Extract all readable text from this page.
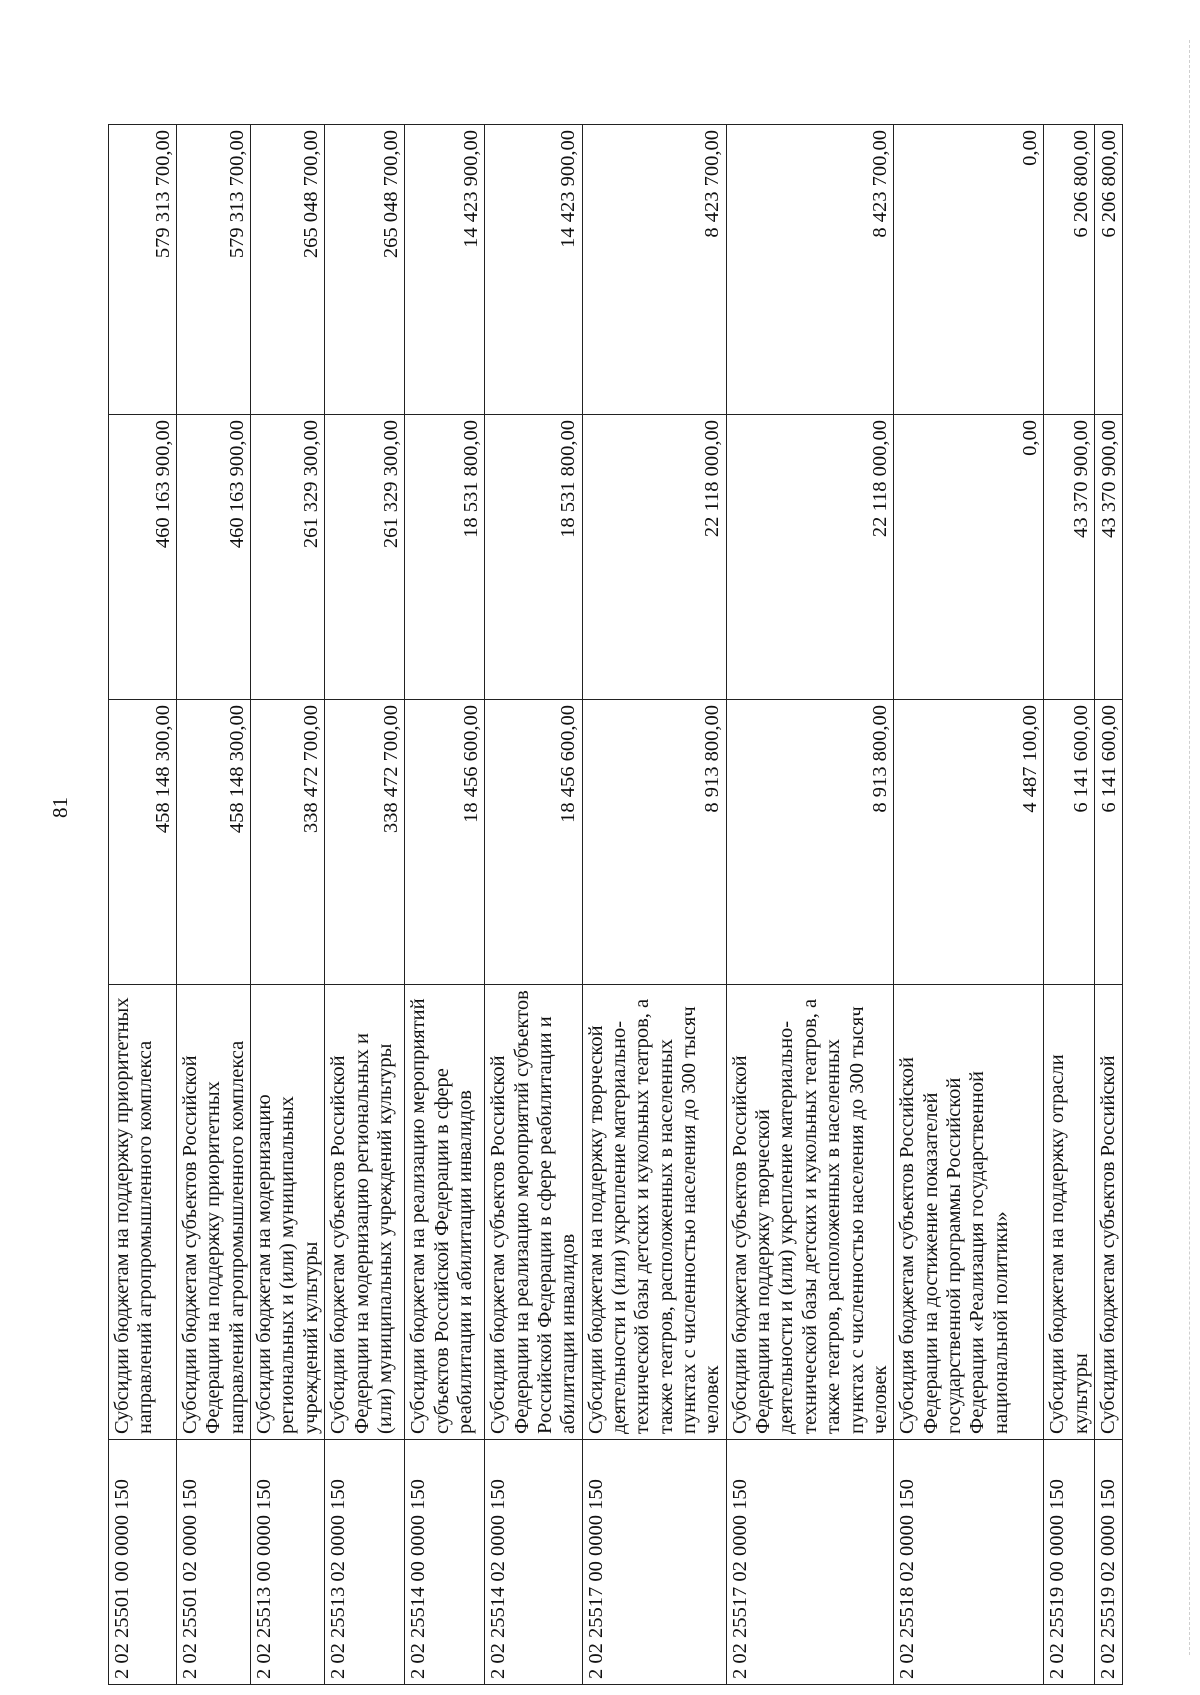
81
2 02 25501 00 0000 150	Субсидии бюджетам на поддержку приоритетных направлений агропромышленного комплекса	458 148 300,00	460 163 900,00	579 313 700,00
2 02 25501 02 0000 150	Субсидии бюджетам субъектов Российской Федерации на поддержку приоритетных направлений агропромышленного комплекса	458 148 300,00	460 163 900,00	579 313 700,00
2 02 25513 00 0000 150	Субсидии бюджетам на модернизацию региональных и (или) муниципальных учреждений культуры	338 472 700,00	261 329 300,00	265 048 700,00
2 02 25513 02 0000 150	Субсидии бюджетам субъектов Российской Федерации на модернизацию региональных и (или) муниципальных учреждений культуры	338 472 700,00	261 329 300,00	265 048 700,00
2 02 25514 00 0000 150	Субсидии бюджетам на реализацию мероприятий субъектов Российской Федерации в сфере реабилитации и абилитации инвалидов	18 456 600,00	18 531 800,00	14 423 900,00
2 02 25514 02 0000 150	Субсидии бюджетам субъектов Российской Федерации на реализацию мероприятий субъектов Российской Федерации в сфере реабилитации и абилитации инвалидов	18 456 600,00	18 531 800,00	14 423 900,00
2 02 25517 00 0000 150	Субсидии бюджетам на поддержку творческой деятельности и (или) укрепление материально-технической базы детских и кукольных театров, а также театров, расположенных в населенных пунктах с численностью населения до 300 тысяч человек	8 913 800,00	22 118 000,00	8 423 700,00
2 02 25517 02 0000 150	Субсидии бюджетам субъектов Российской Федерации на поддержку творческой деятельности и (или) укрепление материально-технической базы детских и кукольных театров, а также театров, расположенных в населенных пунктах с численностью населения до 300 тысяч человек	8 913 800,00	22 118 000,00	8 423 700,00
2 02 25518 02 0000 150	Субсидия бюджетам субъектов Российской Федерации на достижение показателей государственной программы Российской Федерации «Реализация государственной национальной политики»	4 487 100,00	0,00	0,00
2 02 25519 00 0000 150	Субсидии бюджетам на поддержку отрасли культуры	6 141 600,00	43 370 900,00	6 206 800,00
2 02 25519 02 0000 150	Субсидии бюджетам субъектов Российской	6 141 600,00	43 370 900,00	6 206 800,00
